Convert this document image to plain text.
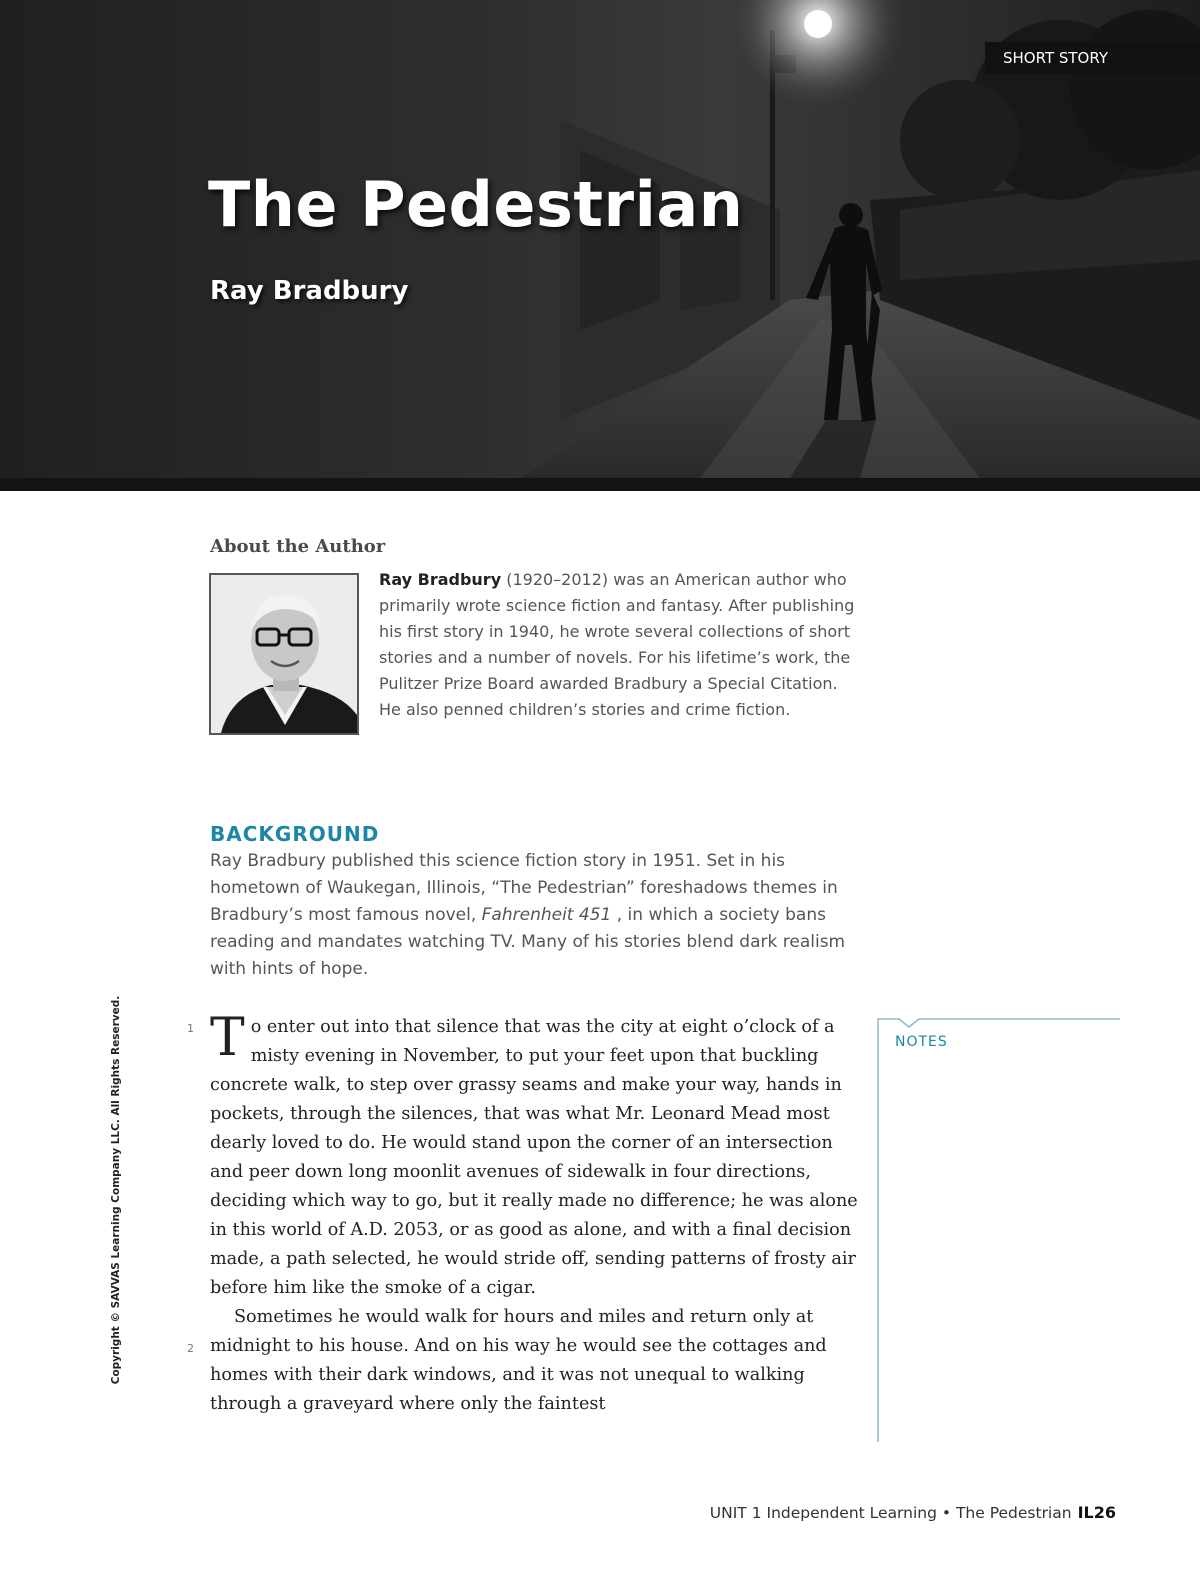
SHORT STORY
The Pedestrian
Ray Bradbury
About the Author

Ray Bradbury (1920–2012) was an American author who primarily wrote science fiction and fantasy. After publishing his first story in 1940, he wrote several collections of short stories and a number of novels. For his lifetime’s work, the Pulitzer Prize Board awarded Bradbury a Special Citation. He also penned children’s stories and crime fiction.

BACKGROUND

Ray Bradbury published this science fiction story in 1951. Set in his hometown of Waukegan, Illinois, “The Pedestrian” foreshadows themes in Bradbury’s most famous novel, Fahrenheit 451 , in which a society bans reading and mandates watching TV. Many of his stories blend dark realism with hints of hope.

1
2

To enter out into that silence that was the city at eight o’clock of a misty evening in November, to put your feet upon that buckling concrete walk, to step over grassy seams and make your way, hands in pockets, through the silences, that was what Mr. Leonard Mead most dearly loved to do. He would stand upon the corner of an intersection and peer down long moonlit avenues of sidewalk in four directions, deciding which way to go, but it really made no difference; he was alone in this world of A.D. 2053, or as good as alone, and with a final decision made, a path selected, he would stride off, sending patterns of frosty air before him like the smoke of a cigar.

Sometimes he would walk for hours and miles and return only at midnight to his house. And on his way he would see the cottages and homes with their dark windows, and it was not unequal to walking through a graveyard where only the faintest

NOTES

Copyright © SAVVAS Learning Company LLC. All Rights Reserved.

UNIT 1 Independent Learning • The Pedestrian IL26
